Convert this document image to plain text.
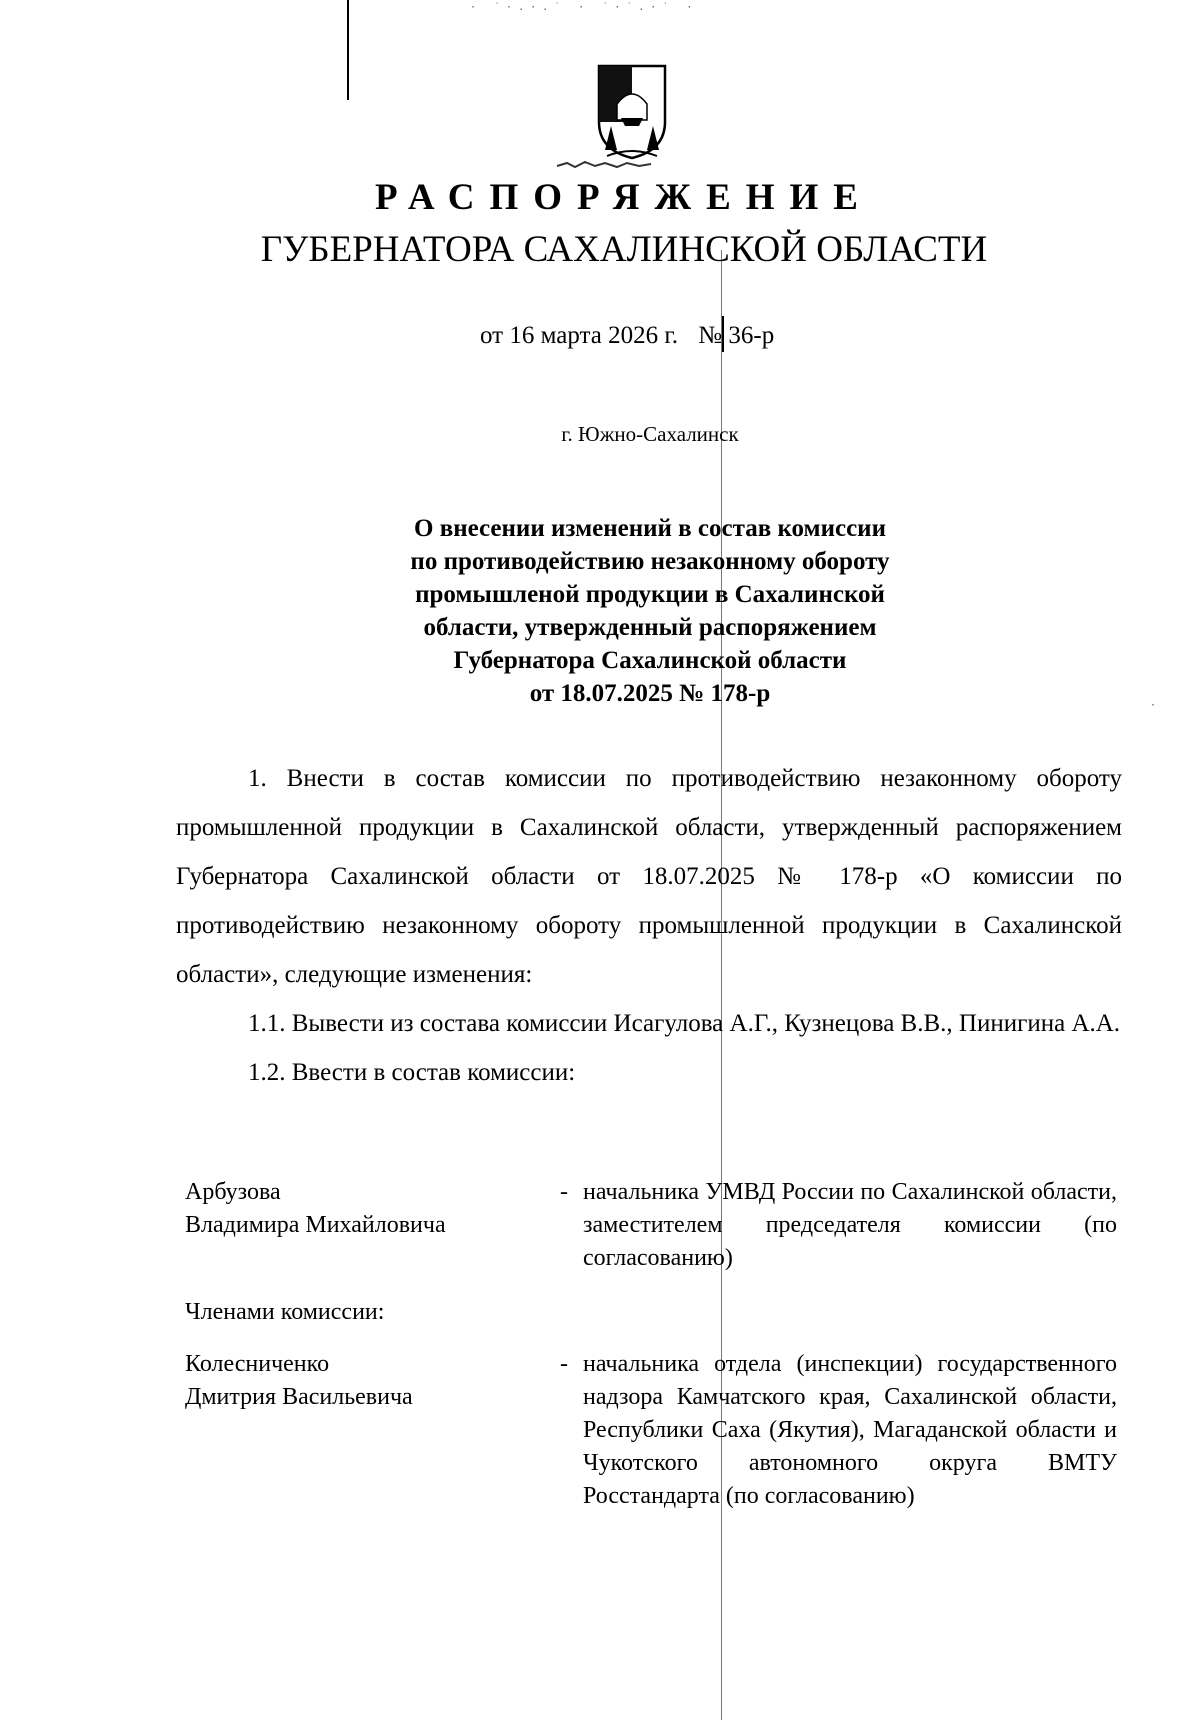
· ˙·.·.˙ · ˙·˙.·˙ ·
·
РАСПОРЯЖЕНИЕ
ГУБЕРНАТОРА САХАЛИНСКОЙ ОБЛАСТИ
от 16 марта 2026 г. № 36-р
г. Южно-Сахалинск
О внесении изменений в состав комиссии
по противодействию незаконному обороту
промышленой продукции в Сахалинской
области, утвержденный распоряжением
Губернатора Сахалинской области
от 18.07.2025 № 178-р

1. Внести в состав комиссии по противодействию незаконному обороту промышленной продукции в Сахалинской области, утвержденный распоряжением Губернатора Сахалинской области от 18.07.2025 № 178-р «О комиссии по противодействию незаконному обороту промышленной продукции в Сахалинской области», следующие изменения:

1.1. Вывести из состава комиссии Исагулова А.Г., Кузнецова В.В., Пинигина А.А.

1.2. Ввести в состав комиссии:

Арбузова
Владимира Михайловича
- начальника УМВД России по Сахалинской области, заместителем председателя комиссии (по согласованию)
Членами комиссии:
Колесниченко
Дмитрия Васильевича
- начальника отдела (инспекции) государственного надзора Камчатского края, Сахалинской области, Республики Саха (Якутия), Магаданской области и Чукотского автономного округа ВМТУ Росстандарта (по согласованию)
